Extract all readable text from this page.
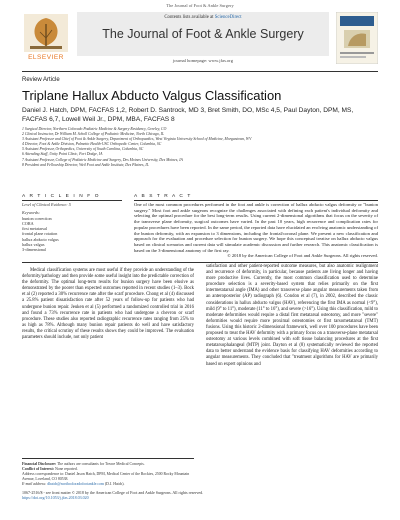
The Journal of Foot & Ankle Surgery
ELSEVIER
Contents lists available at ScienceDirect
The Journal of Foot & Ankle Surgery
journal homepage: www.jfas.org
Review Article
Triplane Hallux Abducto Valgus Classification
Daniel J. Hatch, DPM, FACFAS 1,2, Robert D. Santrock, MD 3, Bret Smith, DO, MSc 4,5, Paul Dayton, DPM, MS, FACFAS 6,7, Lowell Weil Jr., DPM, MBA, FACFAS 8
1 Surgical Director, Northern Colorado Podiatric Medicine & Surgery Residency, Greeley, CO
2 Clinical Instructor, Dr William M. Scholl College of Podiatric Medicine, North Chicago, IL
3 Assistant Professor and Chief of Foot & Ankle Surgery, Department of Orthopaedics, West Virginia University School of Medicine, Morgantown, WV
4 Director, Foot & Ankle Division, Palmetto Health-USC Orthopedic Center, Columbia, SC
5 Assistant Professor, Orthopedics, University of South Carolina, Columbia, SC
6 Attending Staff, Unity Point Clinic, Fort Dodge, IA
7 Assistant Professor, College of Podiatric Medicine and Surgery, Des Moines University, Des Moines, IA
8 President and Fellowship Director, Weil Foot and Ankle Institute, Des Plaines, IL
A R T I C L E I N F O	A B S T R A C T
Level of Clinical Evidence: 5
Keywords:
bunion correction
CORA
first metatarsal
frontal plane rotation
hallux abducto valgus
hallux valgus
3-dimensional
One of the most common procedures performed in the foot and ankle is correction of hallux abducto valgus deformity or "bunion surgery." Most foot and ankle surgeons recognize the challenges associated with defining each patient's individual deformity and selecting the optimal procedure for the best long-term results. Using current 2-dimensional algorithms that focus on the severity of the transverse plane deformity, surgical outcomes have varied. In the past 10 years, high recurrence and complication rates for popular procedures have been reported. In the same period, the reported data have elucidated an evolving anatomic understanding of the bunion deformity, with an expansion to 3 dimensions, including the frontal/coronal plane. We present a new classification and approach for the evaluation and procedure selection for bunion surgery. We hope this conceptual treatise on hallux abducto valgus based on clinical scenarios and current data will stimulate academic discussion and further research. This anatomic classification is based on the 3-dimensional anatomy of the first ray.
© 2018 by the American College of Foot and Ankle Surgeons. All rights reserved.

Medical classification systems are most useful if they provide an understanding of the deformity/pathology and then provide some useful insight into the predictable correction of the deformity. The optimal long-term results for bunion surgery have been elusive as demonstrated by the poorer than expected outcomes reported in recent studies (1–3). Bock et al (2) reported a 30% recurrence rate after the scarf procedure. Chong et al (4) discussed a 25.8% patient dissatisfaction rate after 52 years of follow-up for patients who had undergone bunion repair. Jeuken et al (5) performed a randomized controlled trial in 2016 and found a 73% recurrence rate in patients who had undergone a chevron or scarf procedure. These studies also reported radiographic recurrence rates ranging from 25% to as high as 78%. Although many bunion repair patients do well and have satisfactory results, the critical scrutiny of these results shows they could be improved. The evaluation parameters should include, not only patient

satisfaction and other patient-reported outcome measures, but also anatomic realignment and recurrence of deformity, in particular, because patients are living longer and having more productive lives. Currently, the most common classification used to determine procedure selection is a severity-based system that relies primarily on the first intermetatarsal angle (IMA) and other transverse plane angular measurements taken from an anteroposterior (AP) radiograph (6). Condon et al (7), in 2002, described the classic considerations in hallux abducto valgus (HAV), referencing the first IMA as normal (<9°), mild (9° to 11°), moderate (11° to 16°), and severe (>16°). Using this classification, mild to moderate deformities would require a distal first metatarsal osteotomy, and more "severe" deformities would require more proximal osteotomies or first tarsometatarsal (TMT) fusions. Using this historic 2-dimensional framework, well over 100 procedures have been proposed to treat the HAV deformity with a primary focus on a transverse-plane metatarsal osteotomy at various levels combined with soft tissue balancing procedures at the first metatarsophalangeal (MTP) joint. Dayton et al (8) systematically reviewed the reported data to better understand the evidence basis for classifying HAV deformities according to angular measurements. They concluded that "treatment algorithms for HAV are primarily based on expert opinions and

Financial Disclosure: The authors are consultants for Treace Medical Concepts.
Conflict of Interest: None reported.
Address correspondence to: Daniel Jason Hatch, DPM, Medical Center of the Rockies, 2500 Rocky Mountain Avenue, Loveland, CO 80538.
E-mail address: dhatch@northcoloradofootankle.com (D.J. Hatch).
1067-2516/$ - see front matter © 2018 by the American College of Foot and Ankle Surgeons. All rights reserved.
https://doi.org/10.1053/j.jfas.2018.03.020
